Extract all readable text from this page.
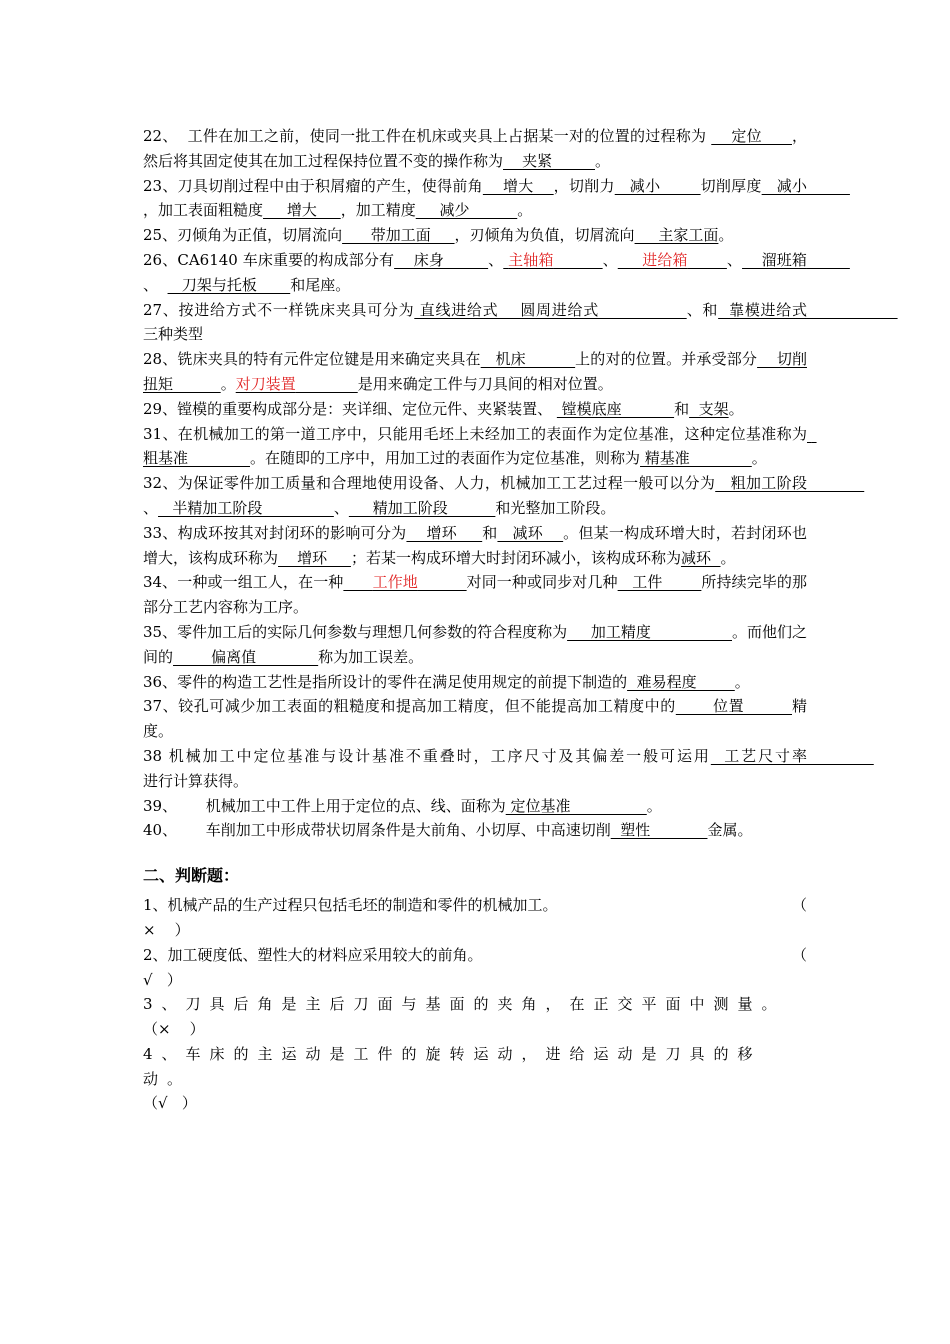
22、  工件在加工之前，使同一批工件在机床或夹具上占据某一对的位置的过程称为     定位      ，然后将其固定使其在加工过程保持位置不变的操作称为    夹紧         。

23、刀具切削过程中由于积屑瘤的产生，使得前角    增大    ，切削力   减小        切削厚度   减小         ，加工表面粗糙度     增大     ，加工精度     减少          。

25、刃倾角为正值，切屑流向      带加工面     ，刃倾角为负值，切屑流向     主家工面。

26、CA6140 车床重要的构成部分有    床身         、 主轴箱	、     进给箱	、    溜班箱         、     刀架与托板       和尾座。

27、按进给方式不一样铣床夹具可分为 直线进给式    圆周进给式                、和  靠模进给式                   三种类型

28、铣床夹具的特有元件定位键是用来确定夹具在   机床          上的对的位置。并承受部分    切削扭矩          。对刀装置	是用来确定工件与刀具间的相对位置。

29、镗模的重要构成部分是：夹详细、定位元件、夹紧装置、  镗模底座           和  支架。

31、在机械加工的第一道工序中，只能用毛坯上未经加工的表面作为定位基准，这种定位基准称为  粗基准             。在随即的工序中，用加工过的表面作为定位基准，则称为 精基准             。

32、为保证零件加工质量和合理地使用设备、人力，机械加工工艺过程一般可以分为   粗加工阶段            、   半精加工阶段               、     精加工阶段          和光整加工阶段。

33、构成环按其对封闭环的影响可分为    增环     和   减环    。但某一构成环增大时，若封闭环也增大，该构成环称为    增环     ；若某一构成环增大时封闭环减小，该构成环称为减环  。

34、一种或一组工人，在一种 工作地	对同一种或同步对几种   工件        所持续完毕的那部分工艺内容称为工序。

35、零件加工后的实际几何参数与理想几何参数的符合程度称为     加工精度                 。而他们之间的        偏离值             称为加工误差。

36、零件的构造工艺性是指所设计的零件在满足使用规定的前提下制造的  难易程度        。

37、铰孔可减少加工表面的粗糙度和提高加工精度，但不能提高加工精度中的       位置         精度。

38 机械加工中定位基准与设计基准不重叠时，工序尺寸及其偏差一般可运用  工艺尺寸率              进行计算获得。

39、      机械加工中工件上用于定位的点、线、面称为 定位基准                。

40、      车削加工中形成带状切屑条件是大前角、小切厚、中高速切削  塑性            金属。

二、判断题：
（
1、机械产品的生产过程只包括毛坯的制造和零件的机械加工。
×    ）
（
2、加工硬度低、塑性大的材料应采用较大的前角。
√   ）
3、刀具后角是主后刀面与基面的夹角，在正交平面中测量。
（×    ）
4、车床的主运动是工件的旋转运动，进给运动是刀具的移动。
（√   ）
